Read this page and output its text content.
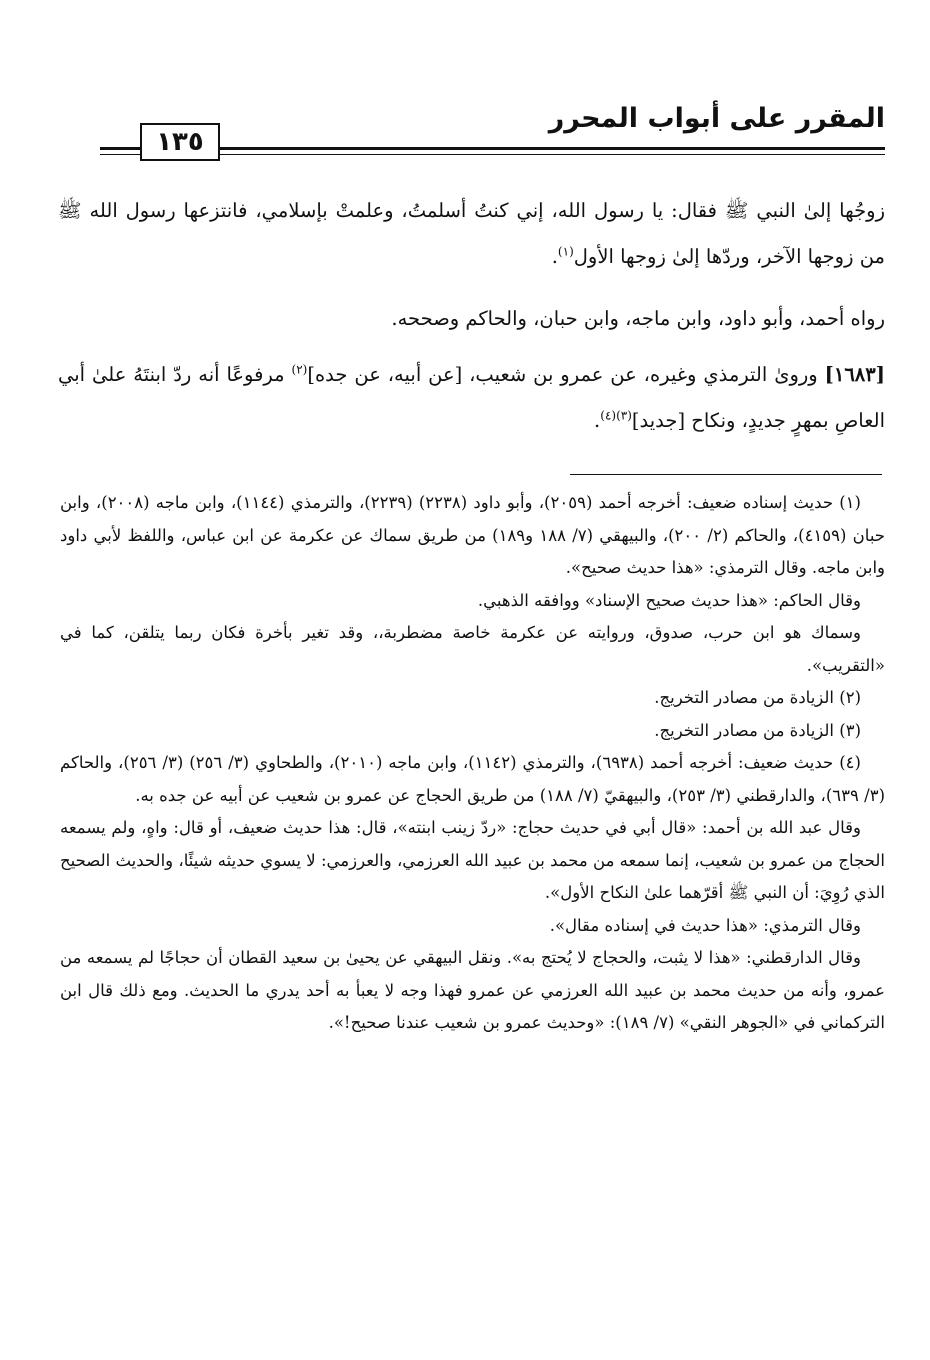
المقرر على أبواب المحرر
١٣٥

زوجُها إلىٰ النبي ﷺ فقال: يا رسول الله، إني كنتُ أسلمتُ، وعلمتْ بإسلامي، فانتزعها رسول الله ﷺ من زوجها الآخر، وردّها إلىٰ زوجها الأول$^{(١)}$.

رواه أحمد، وأبو داود، وابن ماجه، وابن حبان، والحاكم وصححه.

[١٦٨٣] وروىٰ الترمذي وغيره، عن عمرو بن شعيب، [عن أبيه، عن جده]$^{(٢)}$ مرفوعًا أنه ردّ ابنتَهُ علىٰ أبي العاصِ بمهرٍ جديدٍ، ونكاح [جديد]$^{(٣)(٤)}$.

(١) حديث إسناده ضعيف: أخرجه أحمد (٢٠٥٩)، وأبو داود (٢٢٣٨) (٢٢٣٩)، والترمذي (١١٤٤)، وابن ماجه (٢٠٠٨)، وابن حبان (٤١٥٩)، والحاكم (٢/ ٢٠٠)، والبيهقي (٧/ ١٨٨ و١٨٩) من طريق سماك عن عكرمة عن ابن عباس، واللفظ لأبي داود وابن ماجه. وقال الترمذي: «هذا حديث صحيح».

وقال الحاكم: «هذا حديث صحيح الإسناد» ووافقه الذهبي.

وسماك هو ابن حرب، صدوق، وروايته عن عكرمة خاصة مضطربة،، وقد تغير بأخرة فكان ربما يتلقن، كما في «التقريب».

(٢) الزيادة من مصادر التخريج.

(٣) الزيادة من مصادر التخريج.

(٤) حديث ضعيف: أخرجه أحمد (٦٩٣٨)، والترمذي (١١٤٢)، وابن ماجه (٢٠١٠)، والطحاوي (٣/ ٢٥٦) (٣/ ٢٥٦)، والحاكم (٣/ ٦٣٩)، والدارقطني (٣/ ٢٥٣)، والبيهقيّ (٧/ ١٨٨) من طريق الحجاج عن عمرو بن شعيب عن أبيه عن جده به.

وقال عبد الله بن أحمد: «قال أبي في حديث حجاج: «ردّ زينب ابنته»، قال: هذا حديث ضعيف، أو قال: واهٍ، ولم يسمعه الحجاج من عمرو بن شعيب، إنما سمعه من محمد بن عبيد الله العرزمي، والعرزمي: لا يسوي حديثه شيئًا، والحديث الصحيح الذي رُوِيَ: أن النبي ﷺ أقرّهما علىٰ النكاح الأول».

وقال الترمذي: «هذا حديث في إسناده مقال».

وقال الدارقطني: «هذا لا يثبت، والحجاج لا يُحتج به». ونقل البيهقي عن يحيىٰ بن سعيد القطان أن حجاجًا لم يسمعه من عمرو، وأنه من حديث محمد بن عبيد الله العرزمي عن عمرو فهذا وجه لا يعبأ به أحد يدري ما الحديث. ومع ذلك قال ابن التركماني في «الجوهر النقي» (٧/ ١٨٩): «وحديث عمرو بن شعيب عندنا صحيح!».
